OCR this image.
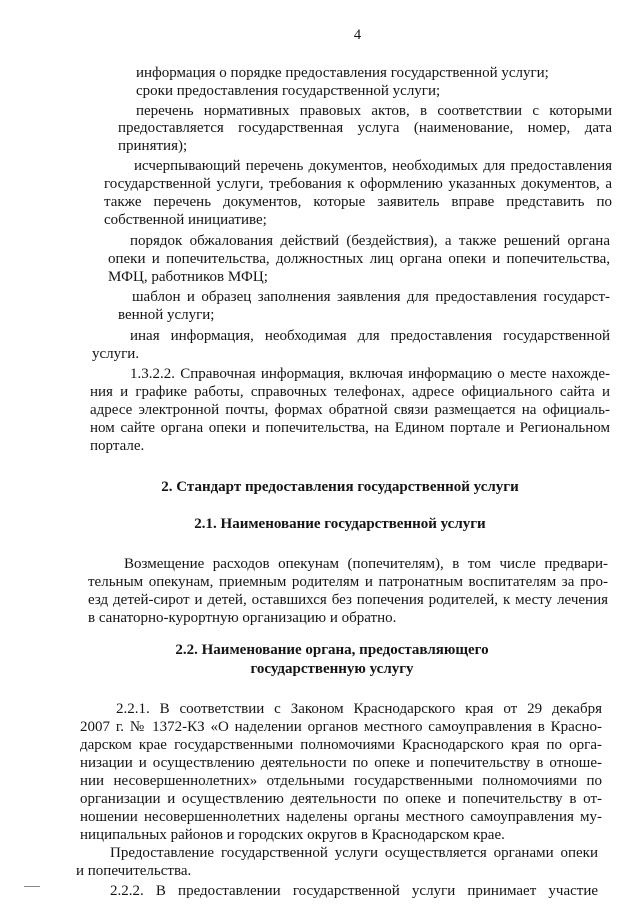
4
информация о порядке предоставления государственной услуги;
сроки предоставления государственной услуги;
перечень нормативных правовых актов, в соответствии с которыми
предоставляется государственная услуга (наименование, номер, дата
принятия);
исчерпывающий перечень документов, необходимых для предоставления
государственной услуги, требования к оформлению указанных документов, а
также перечень документов, которые заявитель вправе представить по
собственной инициативе;
порядок обжалования действий (бездействия), а также решений органа
опеки и попечительства, должностных лиц органа опеки и попечительства,
МФЦ, работников МФЦ;
шаблон и образец заполнения заявления для предоставления государст-
венной услуги;
иная информация, необходимая для предоставления государственной
услуги.
1.3.2.2. Справочная информация, включая информацию о месте нахожде-
ния и графике работы, справочных телефонах, адресе официального сайта и
адресе электронной почты, формах обратной связи размещается на официаль-
ном сайте органа опеки и попечительства, на Едином портале и Региональном
портале.
2. Стандарт предоставления государственной услуги
2.1. Наименование государственной услуги
Возмещение расходов опекунам (попечителям), в том числе предвари-
тельным опекунам, приемным родителям и патронатным воспитателям за про-
езд детей-сирот и детей, оставшихся без попечения родителей, к месту лечения
в санаторно-курортную организацию и обратно.
2.2. Наименование органа, предоставляющего
государственную услугу
2.2.1. В соответствии с Законом Краснодарского края от 29 декабря
2007 г. № 1372-КЗ «О наделении органов местного самоуправления в Красно-
дарском крае государственными полномочиями Краснодарского края по орга-
низации и осуществлению деятельности по опеке и попечительству в отноше-
нии несовершеннолетних» отдельными государственными полномочиями по
организации и осуществлению деятельности по опеке и попечительству в от-
ношении несовершеннолетних наделены органы местного самоуправления му-
ниципальных районов и городских округов в Краснодарском крае.
Предоставление государственной услуги осуществляется органами опеки
и попечительства.
2.2.2. В предоставлении государственной услуги принимает участие
